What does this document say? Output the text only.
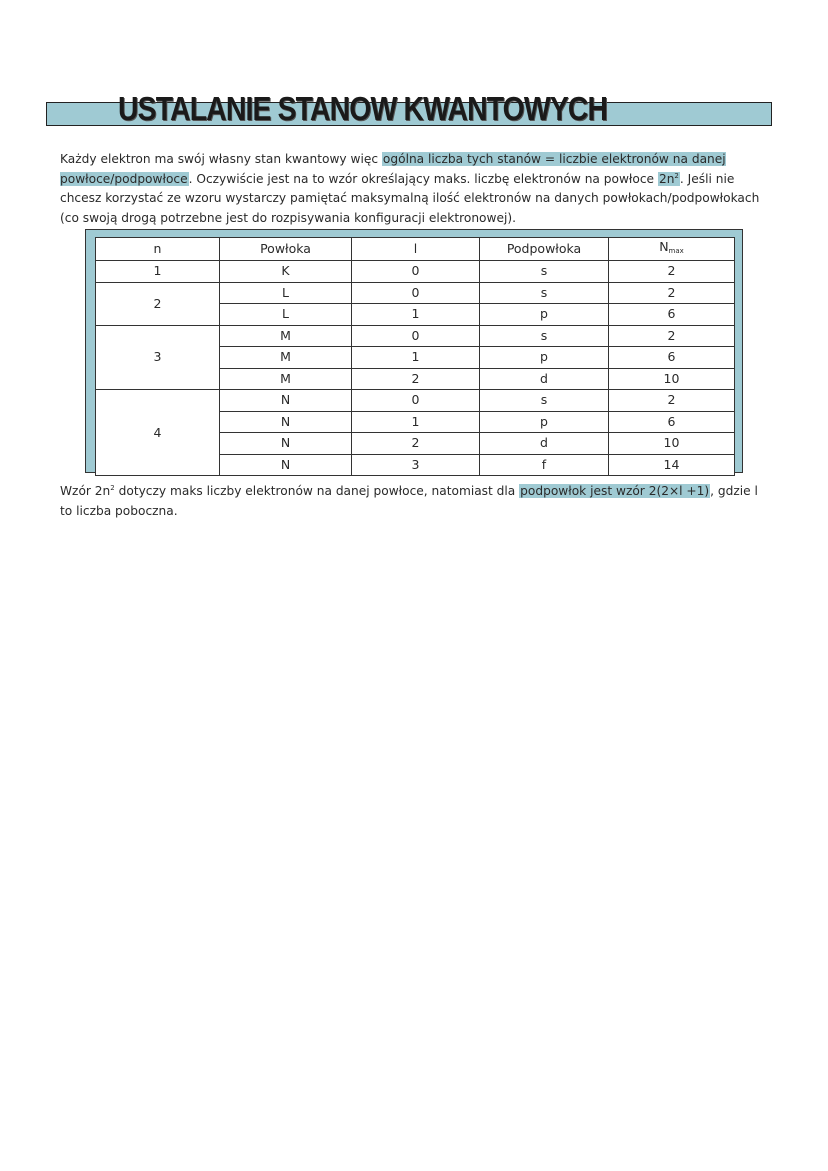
USTALANIE STANOW KWANTOWYCH
Każdy elektron ma swój własny stan kwantowy więc ogólna liczba tych stanów = liczbie elektronów na danej powłoce/podpowłoce. Oczywiście jest na to wzór określający maks. liczbę elektronów na powłoce $2n^2$. Jeśli nie chcesz korzystać ze wzoru wystarczy pamiętać maksymalną ilość elektronów na danych powłokach/podpowłokach (co swoją drogą potrzebne jest do rozpisywania konfiguracji elektronowej).
n	Powłoka	l	Podpowłoka	$N_{max}$
1	K	0	s	2
2	L	0	s	2
	L	1	p	6
3	M	0	s	2
	M	1	p	6
	M	2	d	10
4	N	0	s	2
	N	1	p	6
	N	2	d	10
	N	3	f	14
Wzór $2n^2$ dotyczy maks liczby elektronów na danej powłoce, natomiast dla podpowłok jest wzór 2(2×l +1), gdzie l to liczba poboczna.
